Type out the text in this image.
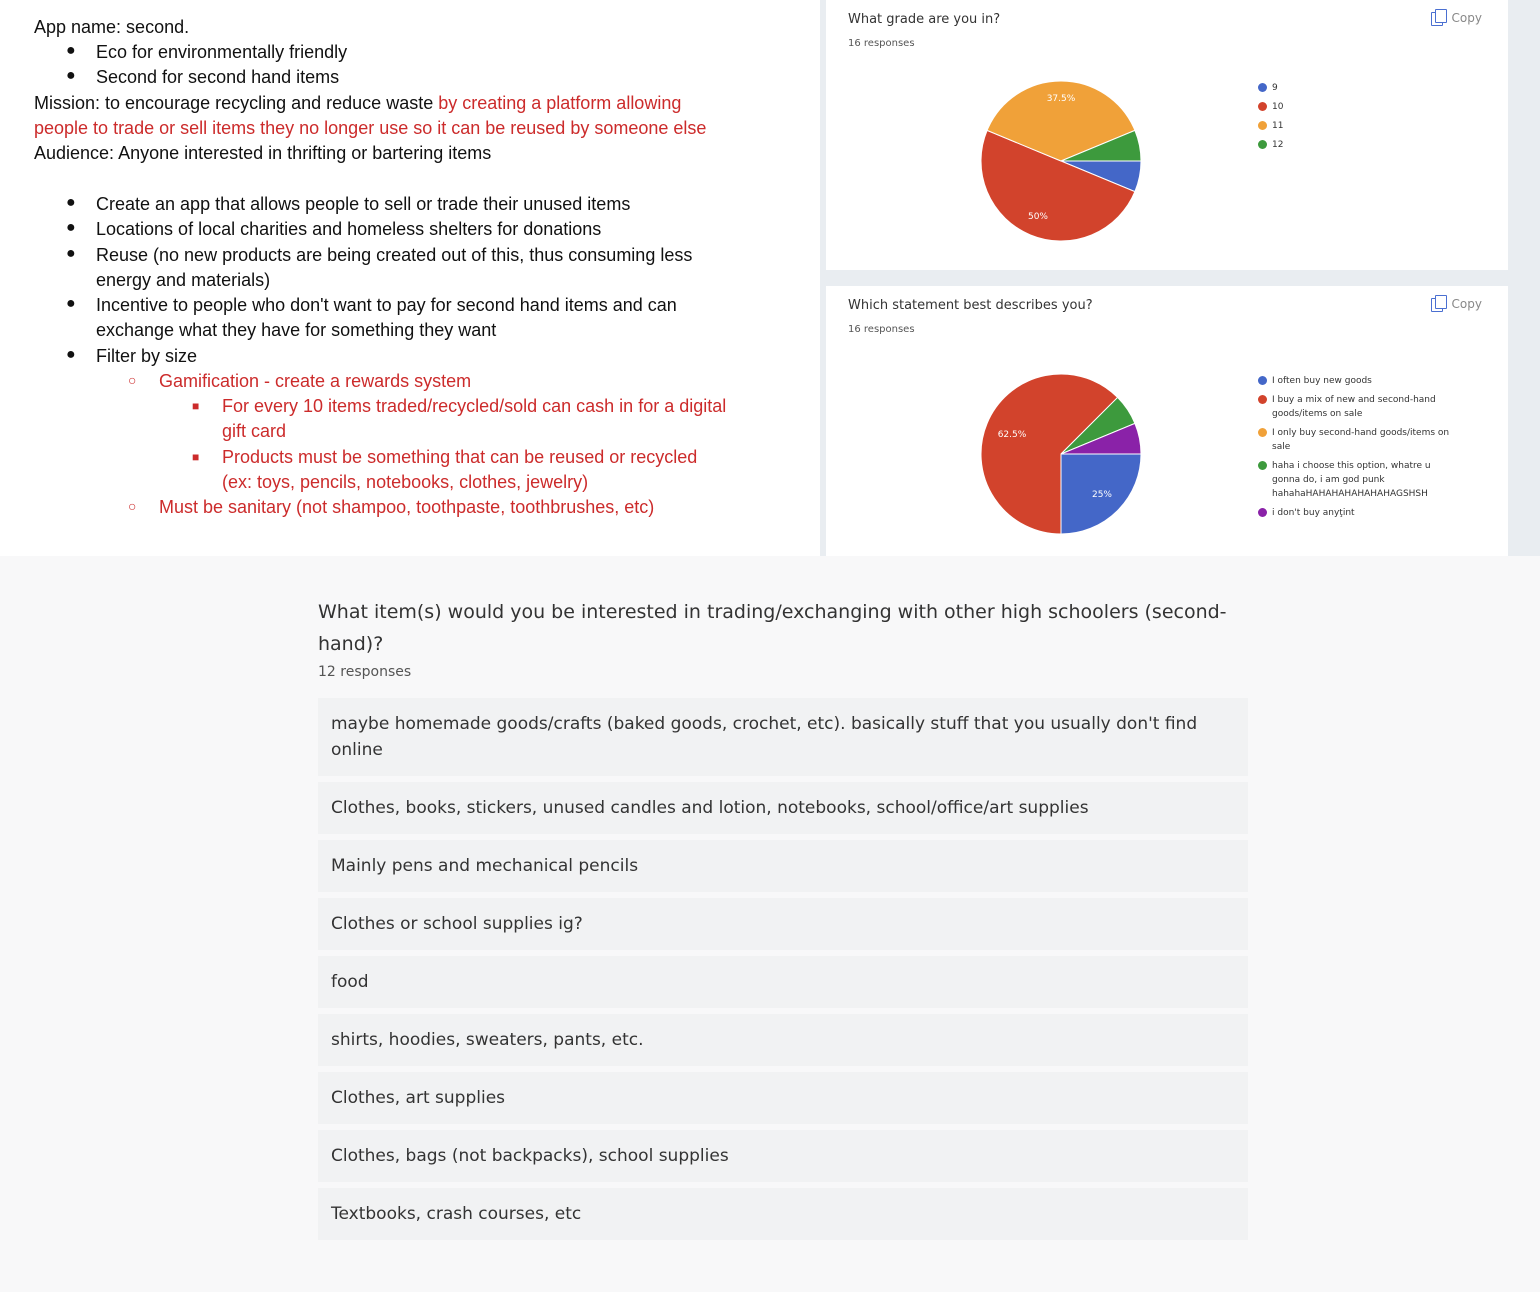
App name: second.
● Eco for environmentally friendly
● Second for second hand items
Mission: to encourage recycling and reduce waste by creating a platform allowing
people to trade or sell items they no longer use so it can be reused by someone else
Audience: Anyone interested in thrifting or bartering items
● Create an app that allows people to sell or trade their unused items
● Locations of local charities and homeless shelters for donations
● Reuse (no new products are being created out of this, thus consuming less
energy and materials)
● Incentive to people who don't want to pay for second hand items and can
exchange what they have for something they want
● Filter by size
○ Gamification - create a rewards system
■ For every 10 items traded/recycled/sold can cash in for a digital
gift card
■ Products must be something that can be reused or recycled
(ex: toys, pencils, notebooks, clothes, jewelry)
○ Must be sanitary (not shampoo, toothpaste, toothbrushes, etc)
What grade are you in?
16 responses
Copy
50%
37.5%
9
10
11
12
Which statement best describes you?
16 responses
Copy
25%
62.5%
I often buy new goods
I buy a mix of new and second-hand goods/items on sale
I only buy second-hand goods/items on sale
haha i choose this option, whatre u gonna do, i am god punk hahahaHAHAHAHAHAHAHAGSHSH
i don't buy anyţint
What item(s) would you be interested in trading/exchanging with other high schoolers (second-hand)?
12 responses
maybe homemade goods/crafts (baked goods, crochet, etc). basically stuff that you usually don't find online
Clothes, books, stickers, unused candles and lotion, notebooks, school/office/art supplies
Mainly pens and mechanical pencils
Clothes or school supplies ig?
food
shirts, hoodies, sweaters, pants, etc.
Clothes, art supplies
Clothes, bags (not backpacks), school supplies
Textbooks, crash courses, etc
